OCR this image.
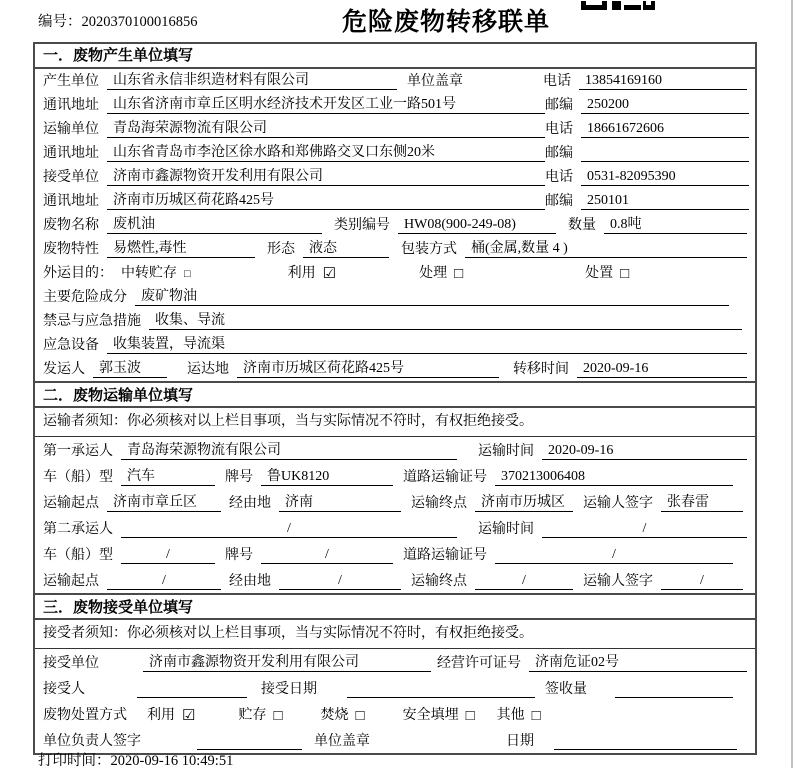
编号：2020370100016856	危险废物转移联单
一．废物产生单位填写
产生单位	山东省永信非织造材料有限公司	单位盖章	电话	13854169160
通讯地址	山东省济南市章丘区明水经济技术开发区工业一路501号	邮编	250200
运输单位	青岛海荣源物流有限公司	电话	18661672606
通讯地址	山东省青岛市李沧区徐水路和郑佛路交叉口东侧20米	邮编
接受单位	济南市鑫源物资开发利用有限公司	电话	0531-82095390
通讯地址	济南市历城区荷花路425号	邮编	250101
废物名称	废机油	类别编号	HW08(900-249-08)	数量	0.8吨
废物特性	易燃性,毒性	形态	液态	包装方式	桶(金属,数量 4 )
外运目的： 中转贮存 □	利用 ☑	处理 □	处置 □
主要危险成分	废矿物油
禁忌与应急措施	收集、导流
应急设备	收集装置，导流渠
发运人	郭玉波	运达地	济南市历城区荷花路425号	转移时间	2020-09-16
二．废物运输单位填写
运输者须知：你必须核对以上栏目事项，当与实际情况不符时，有权拒绝接受。
第一承运人	青岛海荣源物流有限公司	运输时间	2020-09-16
车（船）型	汽车	牌号	鲁UK8120	道路运输证号	370213006408
运输起点	济南市章丘区	经由地	济南	运输终点	济南市历城区	运输人签字	张春雷
第二承运人	/	运输时间	/
车（船）型	/	牌号	/	道路运输证号	/
运输起点	/	经由地	/	运输终点	/	运输人签字	/
三．废物接受单位填写
接受者须知：你必须核对以上栏目事项，当与实际情况不符时，有权拒绝接受。
接受单位	济南市鑫源物资开发利用有限公司	经营许可证号	济南危证02号
接受人	接受日期	签收量
废物处置方式 利用 ☑	贮存 □	焚烧 □	安全填埋 □ 其他 □
单位负责人签字	单位盖章	日期
打印时间：2020-09-16 10:49:51
